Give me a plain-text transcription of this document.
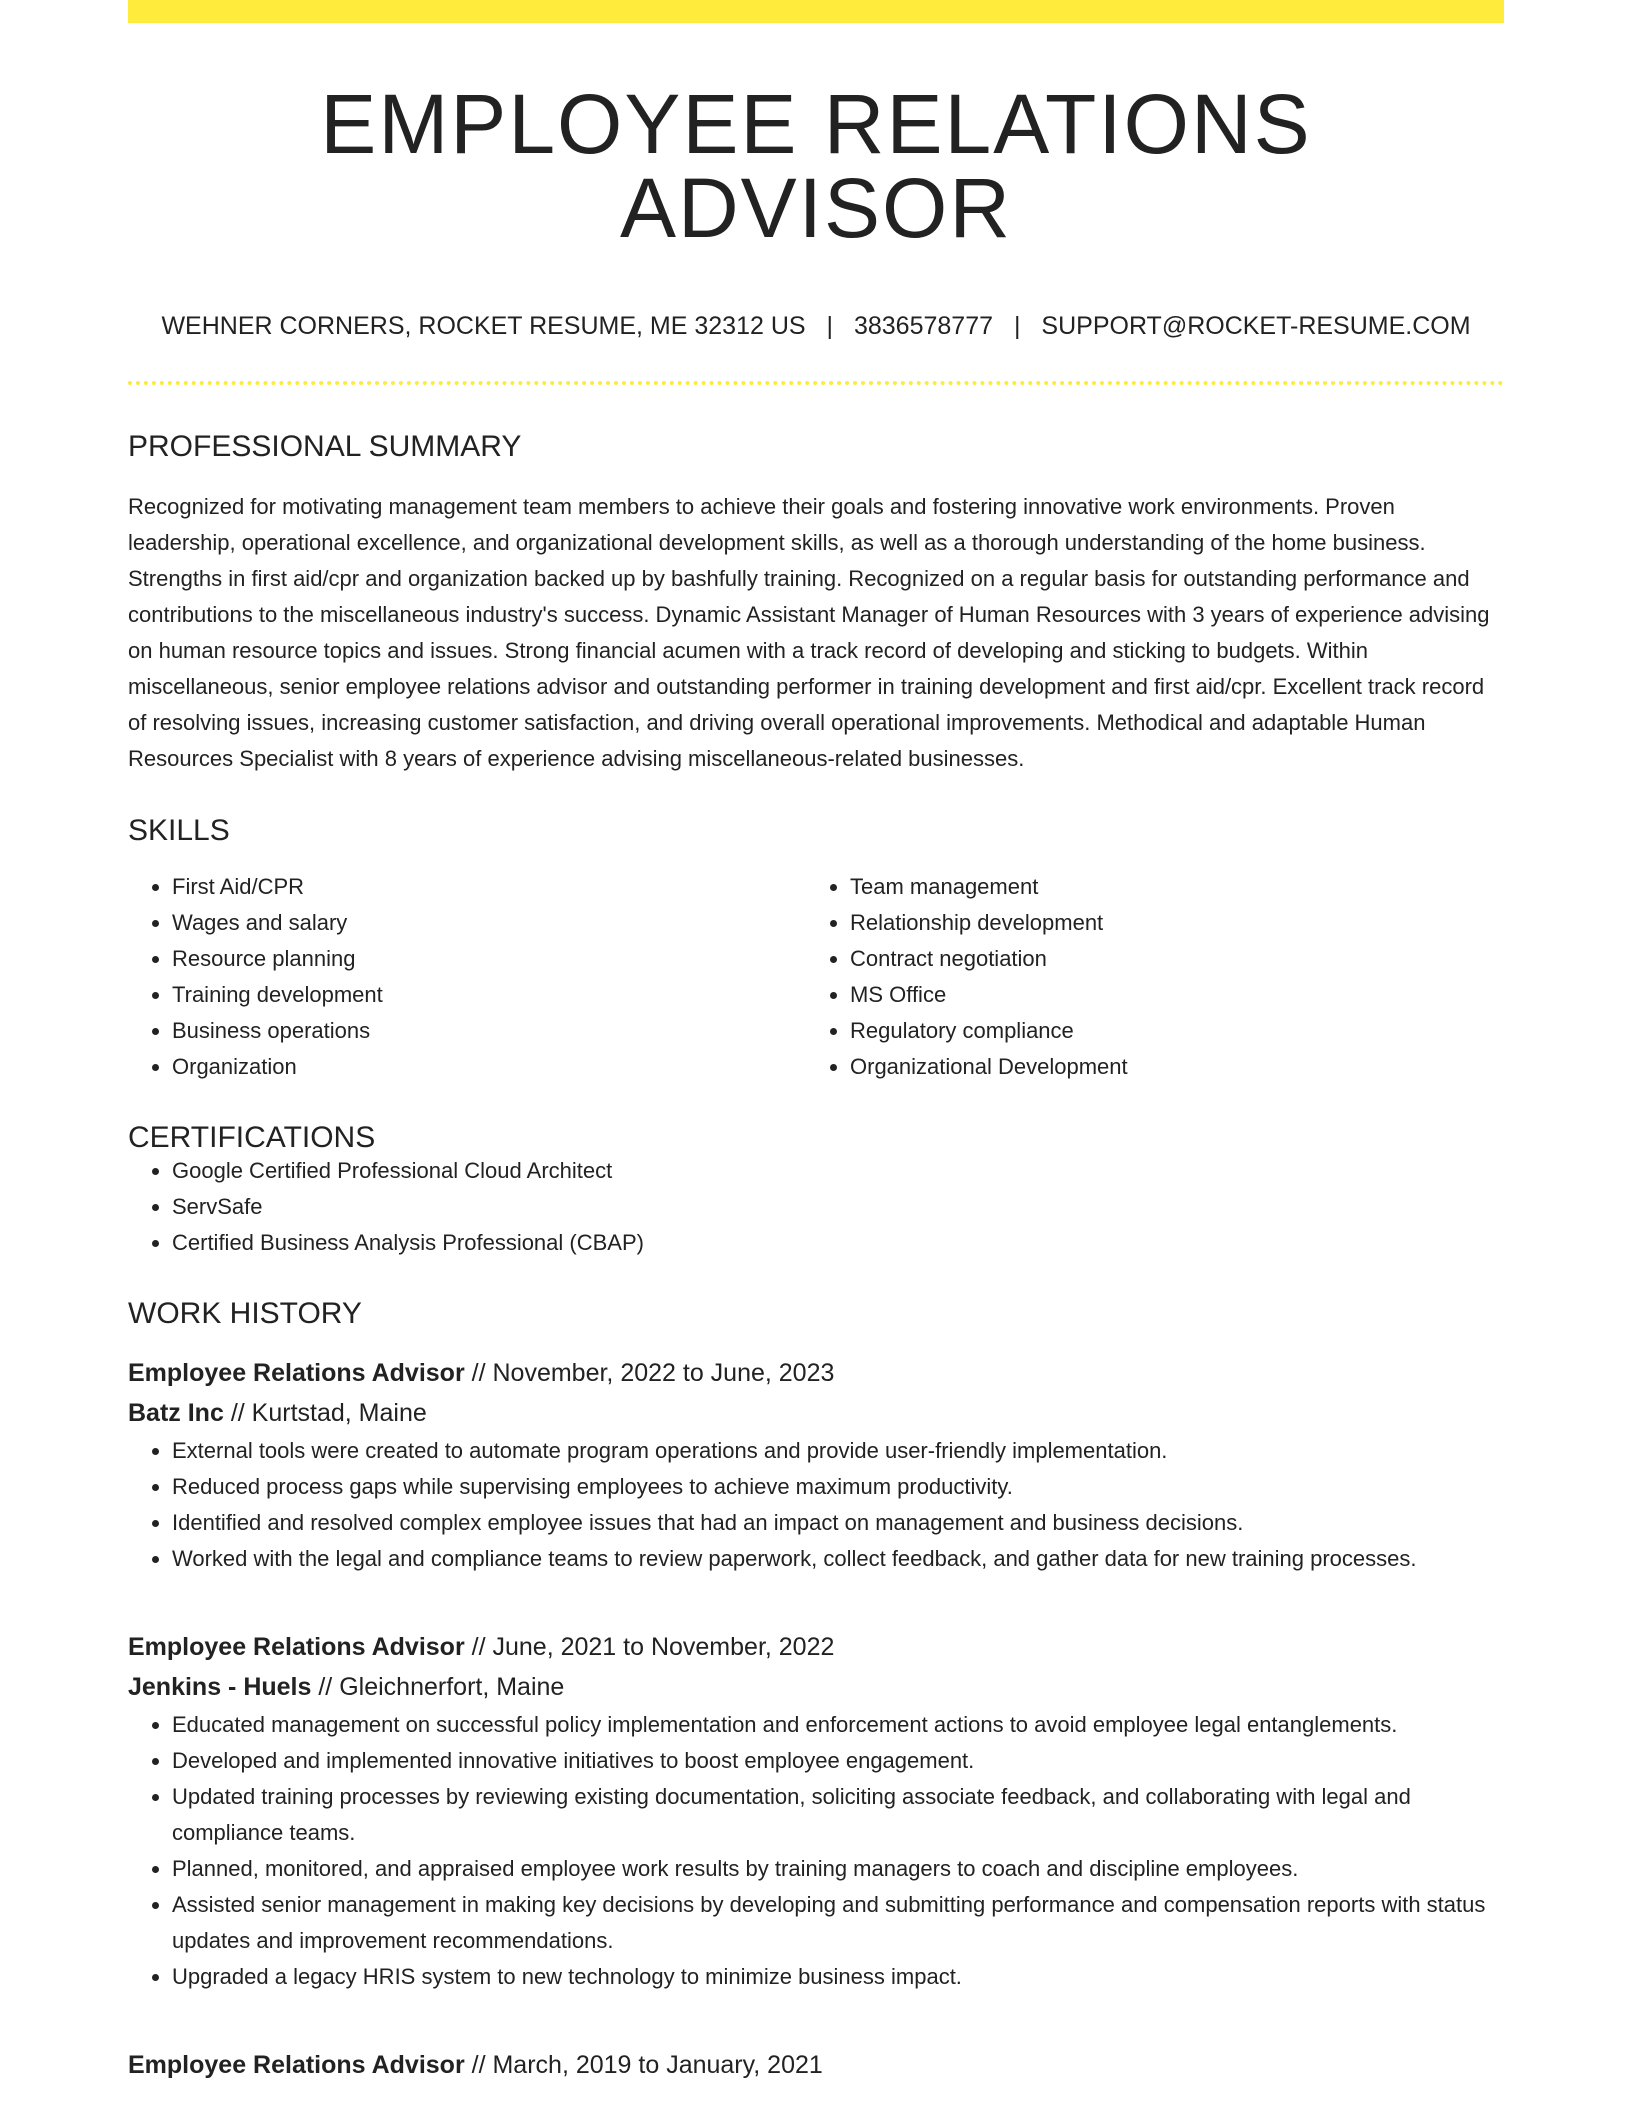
EMPLOYEE RELATIONS ADVISOR
WEHNER CORNERS, ROCKET RESUME, ME 32312 US | 3836578777 | SUPPORT@ROCKET-RESUME.COM
PROFESSIONAL SUMMARY

Recognized for motivating management team members to achieve their goals and fostering innovative work environments. Proven leadership, operational excellence, and organizational development skills, as well as a thorough understanding of the home business. Strengths in first aid/cpr and organization backed up by bashfully training. Recognized on a regular basis for outstanding performance and contributions to the miscellaneous industry's success. Dynamic Assistant Manager of Human Resources with 3 years of experience advising on human resource topics and issues. Strong financial acumen with a track record of developing and sticking to budgets. Within miscellaneous, senior employee relations advisor and outstanding performer in training development and first aid/cpr. Excellent track record of resolving issues, increasing customer satisfaction, and driving overall operational improvements. Methodical and adaptable Human Resources Specialist with 8 years of experience advising miscellaneous-related businesses.

SKILLS
• First Aid/CPR
• Wages and salary
• Resource planning
• Training development
• Business operations
• Organization
• Team management
• Relationship development
• Contract negotiation
• MS Office
• Regulatory compliance
• Organizational Development
CERTIFICATIONS
• Google Certified Professional Cloud Architect
• ServSafe
• Certified Business Analysis Professional (CBAP)
WORK HISTORY
Employee Relations Advisor // November, 2022 to June, 2023
Batz Inc // Kurtstad, Maine
• External tools were created to automate program operations and provide user-friendly implementation.
• Reduced process gaps while supervising employees to achieve maximum productivity.
• Identified and resolved complex employee issues that had an impact on management and business decisions.
• Worked with the legal and compliance teams to review paperwork, collect feedback, and gather data for new training processes.
Employee Relations Advisor // June, 2021 to November, 2022
Jenkins - Huels // Gleichnerfort, Maine
• Educated management on successful policy implementation and enforcement actions to avoid employee legal entanglements.
• Developed and implemented innovative initiatives to boost employee engagement.
• Updated training processes by reviewing existing documentation, soliciting associate feedback, and collaborating with legal and compliance teams.
• Planned, monitored, and appraised employee work results by training managers to coach and discipline employees.
• Assisted senior management in making key decisions by developing and submitting performance and compensation reports with status updates and improvement recommendations.
• Upgraded a legacy HRIS system to new technology to minimize business impact.
Employee Relations Advisor // March, 2019 to January, 2021
